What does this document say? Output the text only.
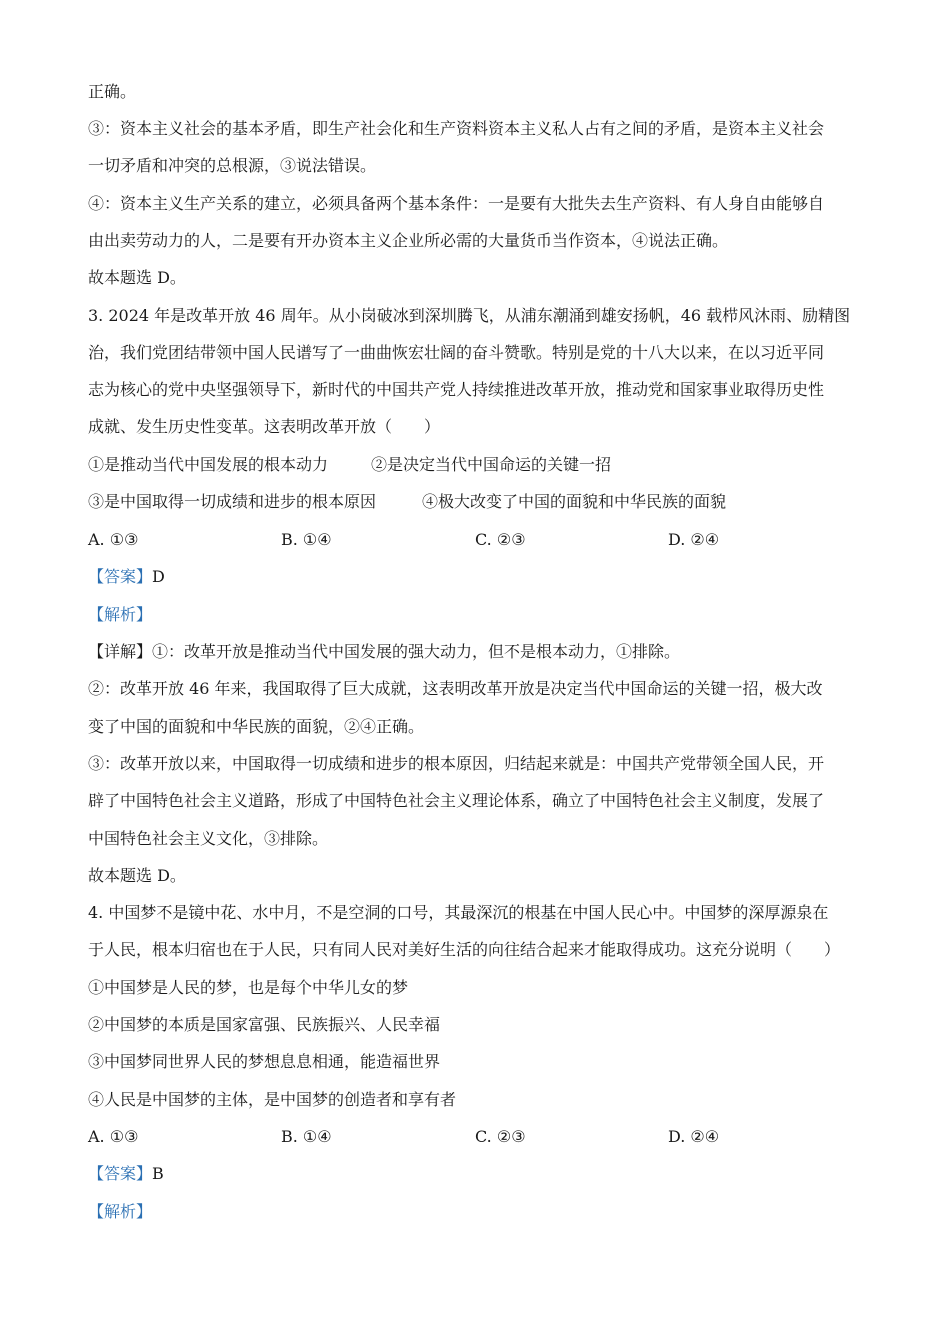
正确。
③：资本主义社会的基本矛盾，即生产社会化和生产资料资本主义私人占有之间的矛盾，是资本主义社会
一切矛盾和冲突的总根源，③说法错误。
④：资本主义生产关系的建立，必须具备两个基本条件：一是要有大批失去生产资料、有人身自由能够自
由出卖劳动力的人，二是要有开办资本主义企业所必需的大量货币当作资本，④说法正确。
故本题选 D。
3. 2024 年是改革开放 46 周年。从小岗破冰到深圳腾飞，从浦东潮涌到雄安扬帆，46 载栉风沐雨、励精图
治，我们党团结带领中国人民谱写了一曲曲恢宏壮阔的奋斗赞歌。特别是党的十八大以来，在以习近平同
志为核心的党中央坚强领导下，新时代的中国共产党人持续推进改革开放，推动党和国家事业取得历史性
成就、发生历史性变革。这表明改革开放（　　）
①是推动当代中国发展的根本动力	②是决定当代中国命运的关键一招
③是中国取得一切成绩和进步的根本原因	④极大改变了中国的面貌和中华民族的面貌
A. ①③	B. ①④	C. ②③	D. ②④
【答案】D
【解析】
【详解】①：改革开放是推动当代中国发展的强大动力，但不是根本动力，①排除。
②：改革开放 46 年来，我国取得了巨大成就，这表明改革开放是决定当代中国命运的关键一招，极大改
变了中国的面貌和中华民族的面貌，②④正确。
③：改革开放以来，中国取得一切成绩和进步的根本原因，归结起来就是：中国共产党带领全国人民，开
辟了中国特色社会主义道路，形成了中国特色社会主义理论体系，确立了中国特色社会主义制度，发展了
中国特色社会主义文化，③排除。
故本题选 D。
4. 中国梦不是镜中花、水中月，不是空洞的口号，其最深沉的根基在中国人民心中。中国梦的深厚源泉在
于人民，根本归宿也在于人民，只有同人民对美好生活的向往结合起来才能取得成功。这充分说明（　　）
①中国梦是人民的梦，也是每个中华儿女的梦
②中国梦的本质是国家富强、民族振兴、人民幸福
③中国梦同世界人民的梦想息息相通，能造福世界
④人民是中国梦的主体，是中国梦的创造者和享有者
A. ①③	B. ①④	C. ②③	D. ②④
【答案】B
【解析】
